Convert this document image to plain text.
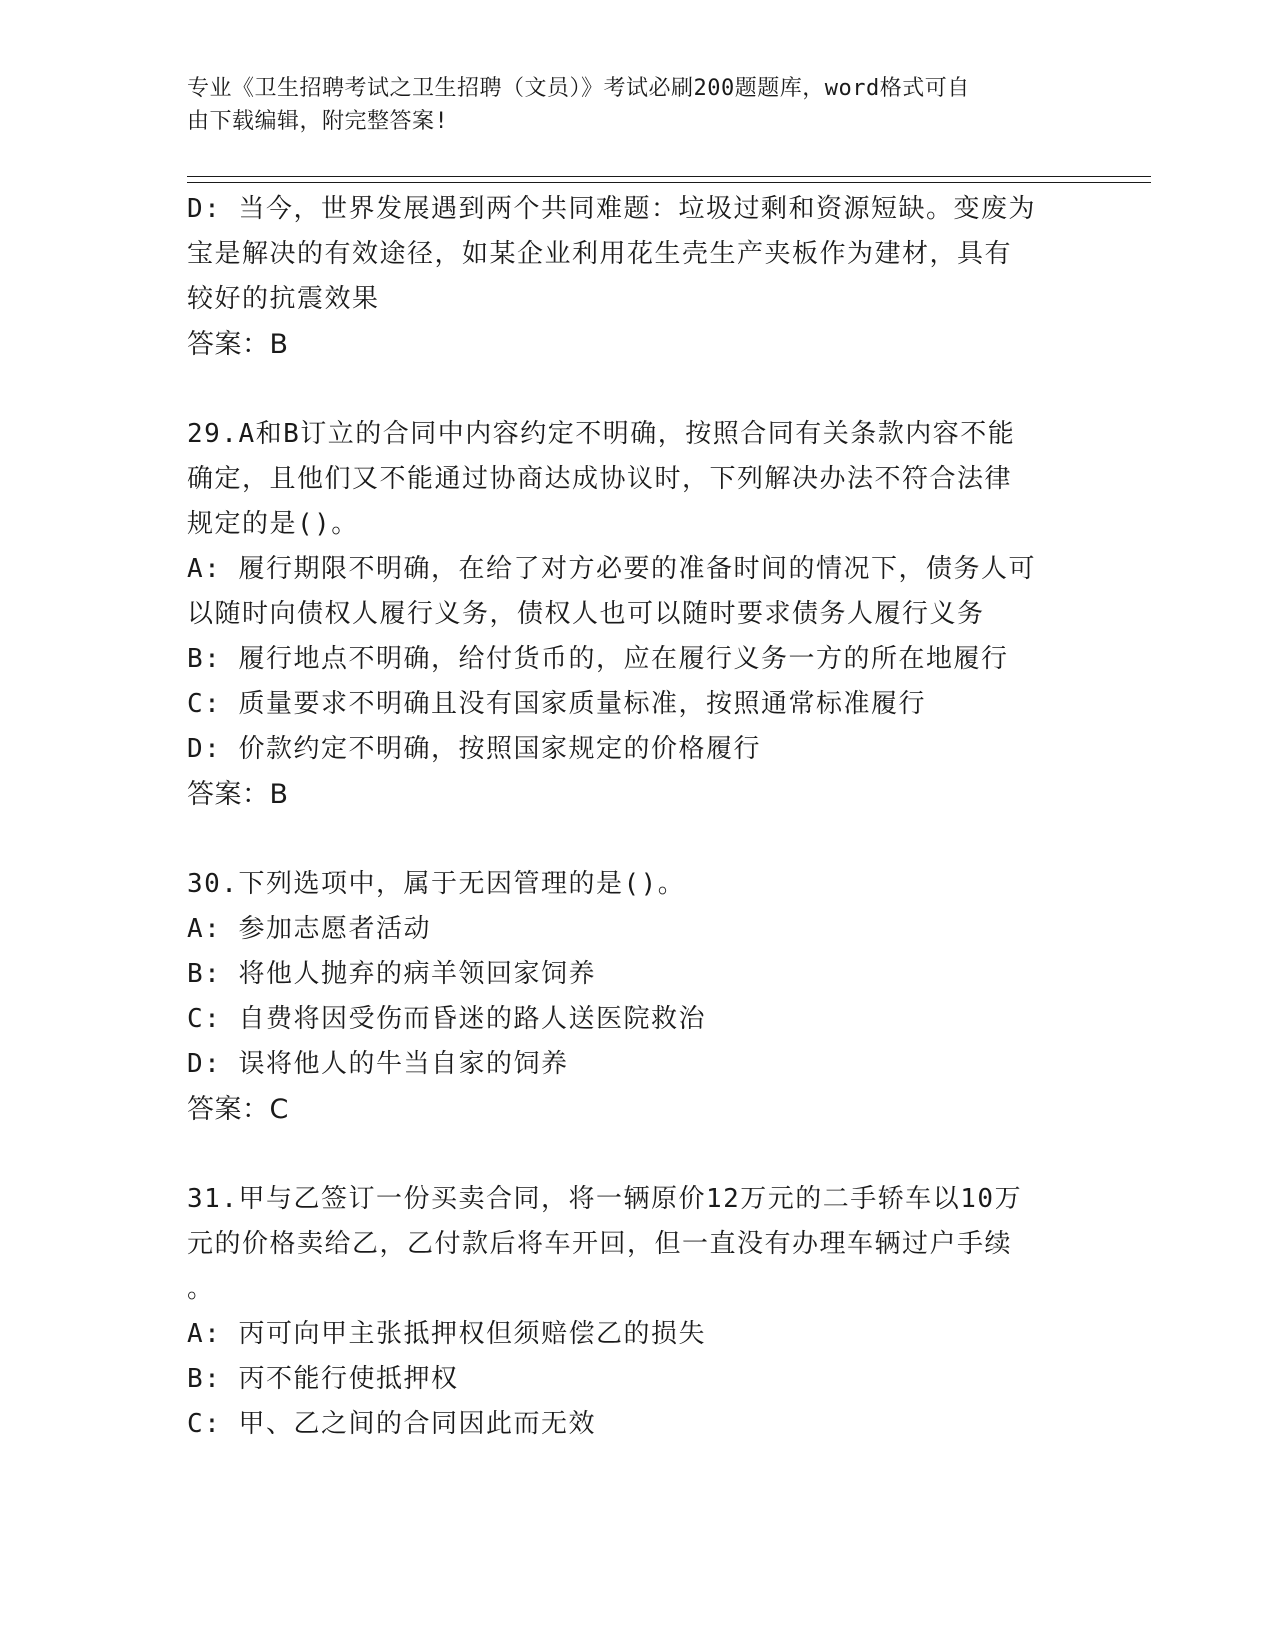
专业《卫生招聘考试之卫生招聘（文员）》考试必刷200题题库，word格式可自
由下载编辑，附完整答案!
D: 当今，世界发展遇到两个共同难题：垃圾过剩和资源短缺。变废为
宝是解决的有效途径，如某企业利用花生壳生产夹板作为建材，具有
较好的抗震效果
答案：B
29.A和B订立的合同中内容约定不明确，按照合同有关条款内容不能
确定，且他们又不能通过协商达成协议时，下列解决办法不符合法律
规定的是()。
A: 履行期限不明确，在给了对方必要的准备时间的情况下，债务人可
以随时向债权人履行义务，债权人也可以随时要求债务人履行义务
B: 履行地点不明确，给付货币的，应在履行义务一方的所在地履行
C: 质量要求不明确且没有国家质量标准，按照通常标准履行
D: 价款约定不明确，按照国家规定的价格履行
答案：B
30.下列选项中，属于无因管理的是()。
A: 参加志愿者活动
B: 将他人抛弃的病羊领回家饲养
C: 自费将因受伤而昏迷的路人送医院救治
D: 误将他人的牛当自家的饲养
答案：C
31.甲与乙签订一份买卖合同，将一辆原价12万元的二手轿车以10万
元的价格卖给乙，乙付款后将车开回，但一直没有办理车辆过户手续
。
A: 丙可向甲主张抵押权但须赔偿乙的损失
B: 丙不能行使抵押权
C: 甲、乙之间的合同因此而无效
